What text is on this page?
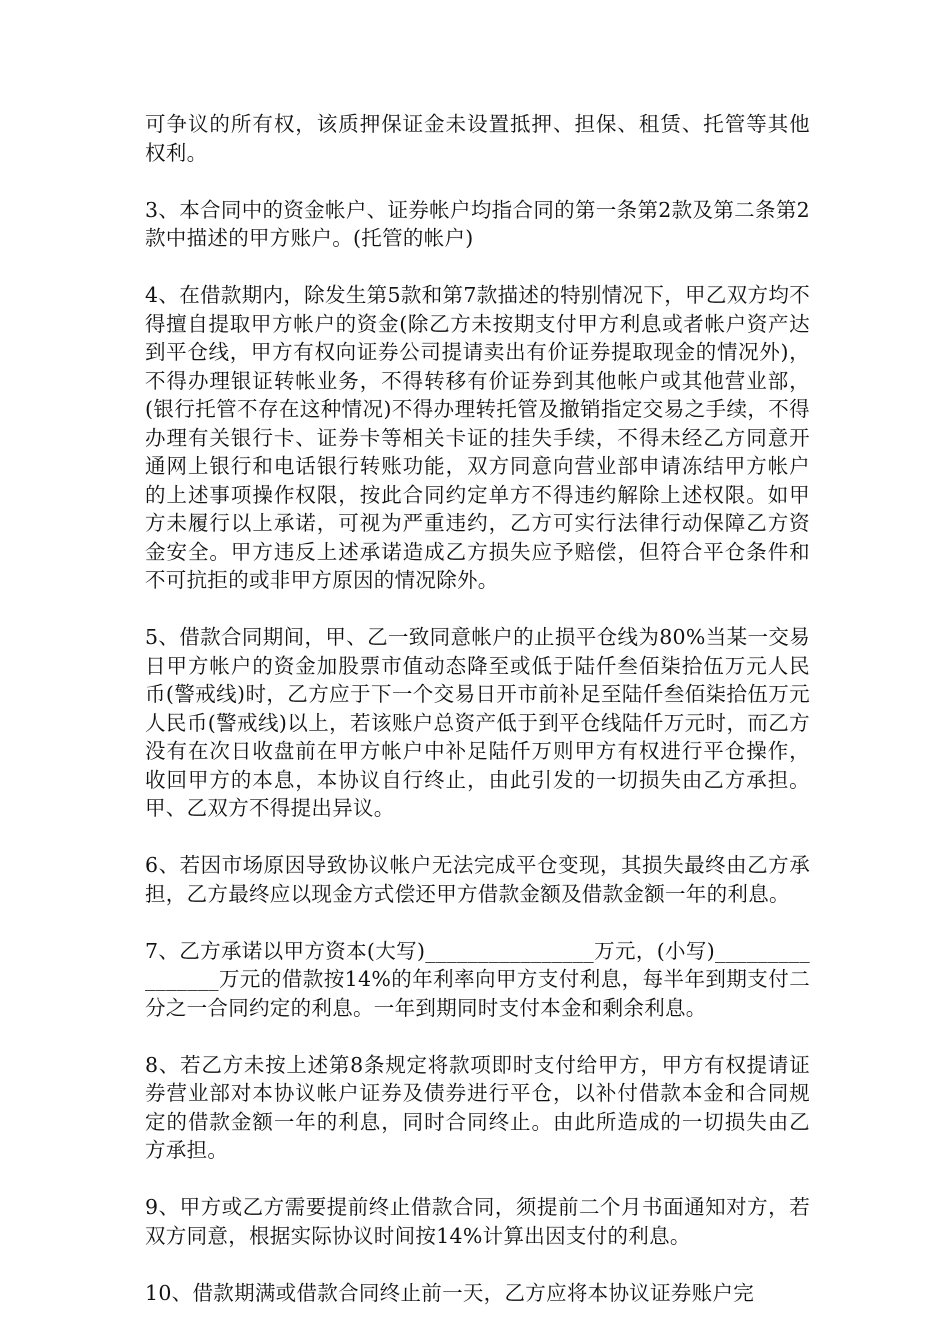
可争议的所有权，该质押保证金未设置抵押、担保、租赁、托管等其他权利。

3、本合同中的资金帐户、证券帐户均指合同的第一条第2款及第二条第2款中描述的甲方账户。(托管的帐户)

4、在借款期内，除发生第5款和第7款描述的特别情况下，甲乙双方均不得擅自提取甲方帐户的资金(除乙方未按期支付甲方利息或者帐户资产达到平仓线，甲方有权向证券公司提请卖出有价证券提取现金的情况外)，不得办理银证转帐业务，不得转移有价证券到其他帐户或其他营业部，(银行托管不存在这种情况)不得办理转托管及撤销指定交易之手续，不得办理有关银行卡、证券卡等相关卡证的挂失手续，不得未经乙方同意开通网上银行和电话银行转账功能，双方同意向营业部申请冻结甲方帐户的上述事项操作权限，按此合同约定单方不得违约解除上述权限。如甲方未履行以上承诺，可视为严重违约，乙方可实行法律行动保障乙方资金安全。甲方违反上述承诺造成乙方损失应予赔偿，但符合平仓条件和不可抗拒的或非甲方原因的情况除外。

5、借款合同期间，甲、乙一致同意帐户的止损平仓线为80%当某一交易日甲方帐户的资金加股票市值动态降至或低于陆仟叁佰柒拾伍万元人民币(警戒线)时，乙方应于下一个交易日开市前补足至陆仟叁佰柒拾伍万元人民币(警戒线)以上，若该账户总资产低于到平仓线陆仟万元时，而乙方没有在次日收盘前在甲方帐户中补足陆仟万则甲方有权进行平仓操作，收回甲方的本息，本协议自行终止，由此引发的一切损失由乙方承担。甲、乙双方不得提出异议。

6、若因市场原因导致协议帐户无法完成平仓变现，其损失最终由乙方承担，乙方最终应以现金方式偿还甲方借款金额及借款金额一年的利息。

7、乙方承诺以甲方资本(大写)________________万元，(小写)________________万元的借款按14%的年利率向甲方支付利息，每半年到期支付二分之一合同约定的利息。一年到期同时支付本金和剩余利息。

8、若乙方未按上述第8条规定将款项即时支付给甲方，甲方有权提请证券营业部对本协议帐户证券及债券进行平仓，以补付借款本金和合同规定的借款金额一年的利息，同时合同终止。由此所造成的一切损失由乙方承担。

9、甲方或乙方需要提前终止借款合同，须提前二个月书面通知对方，若双方同意，根据实际协议时间按14%计算出因支付的利息。

10、借款期满或借款合同终止前一天，乙方应将本协议证券账户完
